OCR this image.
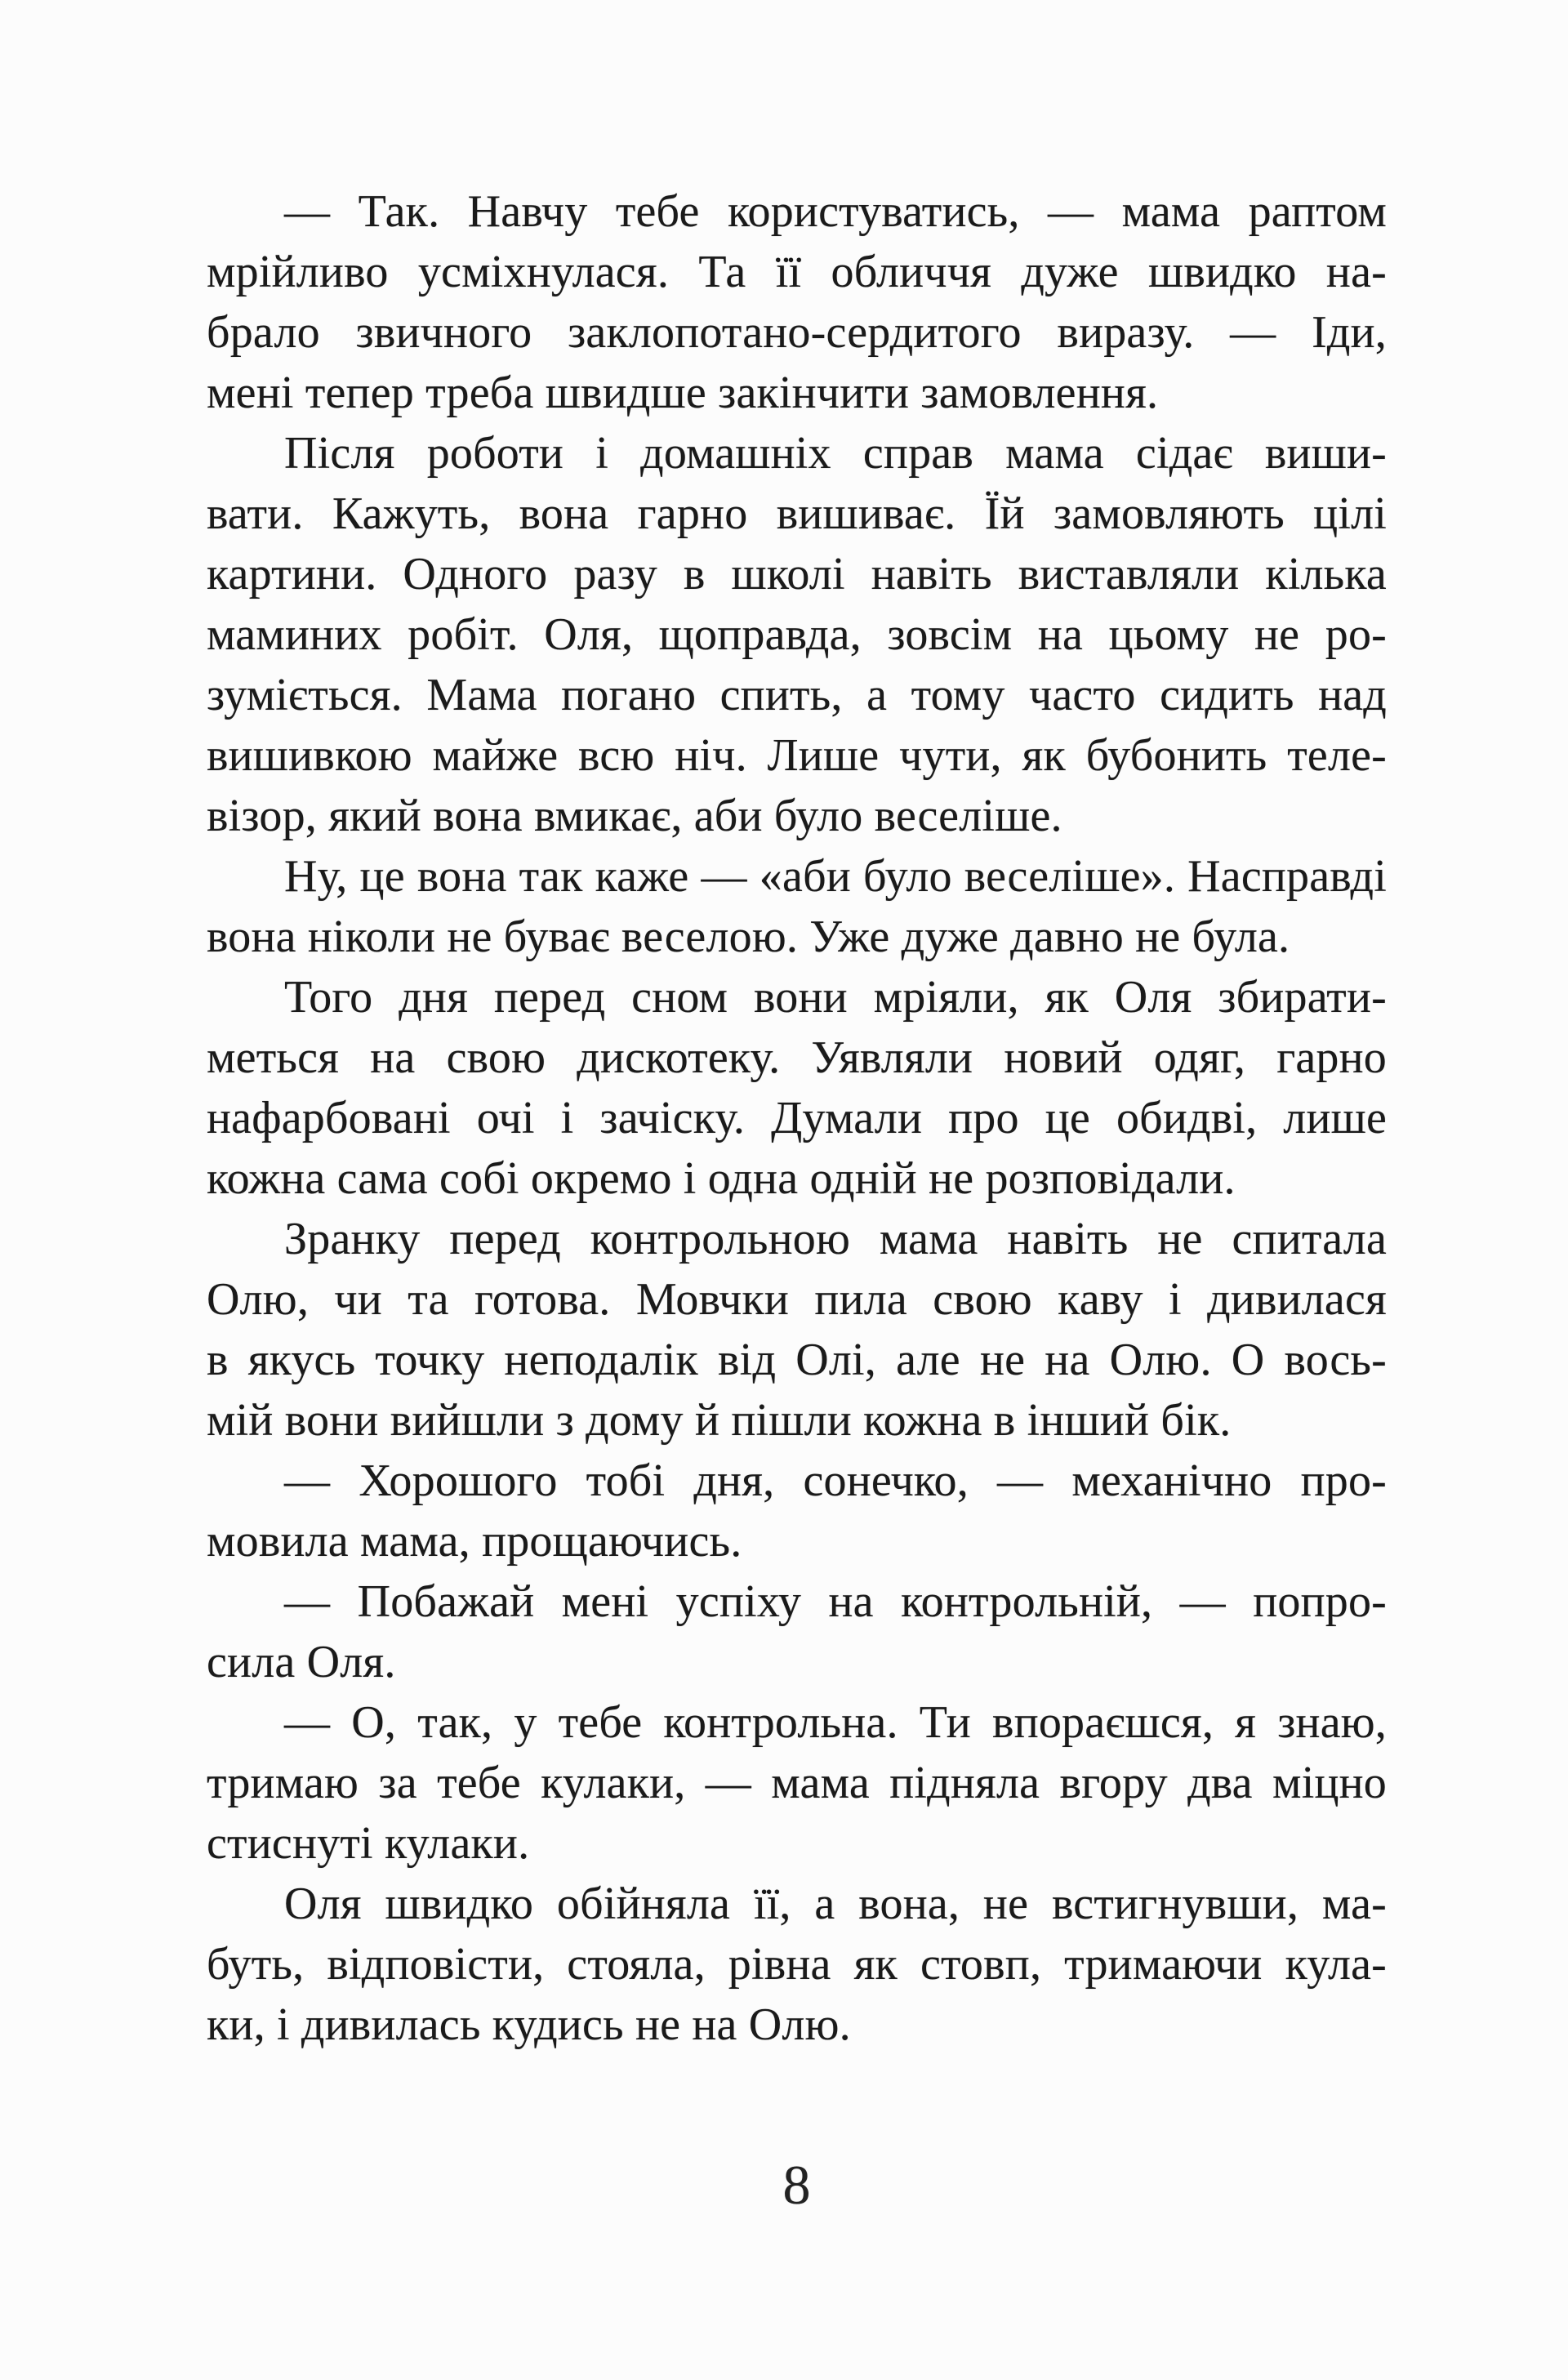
— Так. Навчу тебе користуватись, — мама раптом
мрійливо усміхнулася. Та її обличчя дуже швидко на-
брало звичного заклопотано-сердитого виразу. — Іди,
мені тепер треба швидше закінчити замовлення.
Після роботи і домашніх справ мама сідає виши-
вати. Кажуть, вона гарно вишиває. Їй замовляють цілі
картини. Одного разу в школі навіть виставляли кілька
маминих робіт. Оля, щоправда, зовсім на цьому не ро-
зуміється. Мама погано спить, а тому часто сидить над
вишивкою майже всю ніч. Лише чути, як бубонить теле-
візор, який вона вмикає, аби було веселіше.
Ну, це вона так каже — «аби було веселіше». Насправді
вона ніколи не буває веселою. Уже дуже давно не була.
Того дня перед сном вони мріяли, як Оля збирати-
меться на свою дискотеку. Уявляли новий одяг, гарно
нафарбовані очі і зачіску. Думали про це обидві, лише
кожна сама собі окремо і одна одній не розповідали.
Зранку перед контрольною мама навіть не спитала
Олю, чи та готова. Мовчки пила свою каву і дивилася
в якусь точку неподалік від Олі, але не на Олю. О вось-
мій вони вийшли з дому й пішли кожна в інший бік.
— Хорошого тобі дня, сонечко, — механічно про-
мовила мама, прощаючись.
— Побажай мені успіху на контрольній, — попро-
сила Оля.
— О, так, у тебе контрольна. Ти впораєшся, я знаю,
тримаю за тебе кулаки, — мама підняла вгору два міцно
стиснуті кулаки.
Оля швидко обійняла її, а вона, не встигнувши, ма-
буть, відповісти, стояла, рівна як стовп, тримаючи кула-
ки, і дивилась кудись не на Олю.
8
